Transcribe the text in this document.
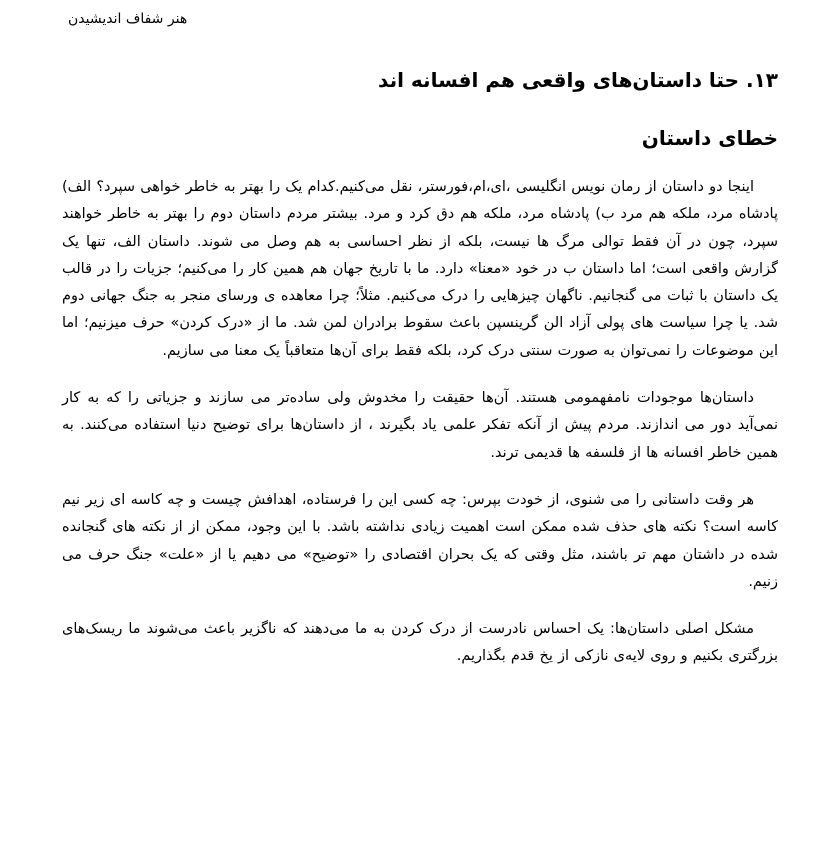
هنر شفاف اندیشیدن
۱۳. حتا داستان‌های واقعی هم افسانه اند
خطای داستان

اینجا دو داستان از رمان نویس انگلیسی ،ای،ام،فورستر، نقل می‌کنیم.کدام یک را بهتر به خاطر خواهی سپرد؟ الف) پادشاه مرد، ملکه هم مرد ب) پادشاه مرد، ملکه هم دق کرد و مرد. بیشتر مردم داستان دوم را بهتر به خاطر خواهند سپرد، چون در آن فقط توالی مرگ ها نیست، بلکه از نظر احساسی به هم وصل می شوند. داستان الف، تنها یک گزارش واقعی است؛ اما داستان ب در خود «معنا» دارد. ما با تاریخ جهان هم همین کار را می‌کنیم؛ جزیات را در قالب یک داستان با ثبات می گنجانیم. ناگهان چیزهایی را درک می‌کنیم. مثلاً؛ چرا معاهده ی ورسای منجر به جنگ جهانی دوم شد. یا چرا سیاست های پولی آزاد الن گرینسپن باعث سقوط برادران لمن شد. ما از «درک کردن» حرف میزنیم؛ اما این موضوعات را نمی‌توان به صورت سنتی درک کرد، بلکه فقط برای آن‌ها متعاقباً یک معنا می سازیم.

داستان‌ها موجودات نامفهمومی هستند. آن‌ها حقیقت را مخدوش ولی ساده‌تر می سازند و جزیاتی را که به کار نمی‌آید دور می اندازند. مردم پیش از آنکه تفکر علمی یاد بگیرند ، از داستان‌ها برای توضیح دنیا استفاده می‌کنند. به همین خاطر افسانه ها از فلسفه ها قدیمی ترند.

هر وقت داستانی را می شنوی، از خودت بپرس: چه کسی این را فرستاده، اهدافش چیست و چه کاسه ای زیر نیم کاسه است؟ نکته های حذف شده ممکن است اهمیت زیادی نداشته باشد. با این وجود، ممکن از از نکته های گنجانده شده در داشتان مهم تر باشند، مثل وقتی که یک بحران اقتصادی را «توضیح» می دهیم یا از «علت» جنگ حرف می زنیم.

مشکل اصلی داستان‌ها: یک احساس نادرست از درک کردن به ما می‌دهند که ناگزیر باعث می‌شوند ما ریسک‌های بزرگتری بکنیم و روی لایه‌ی نازکی از یخ قدم بگذاریم.
